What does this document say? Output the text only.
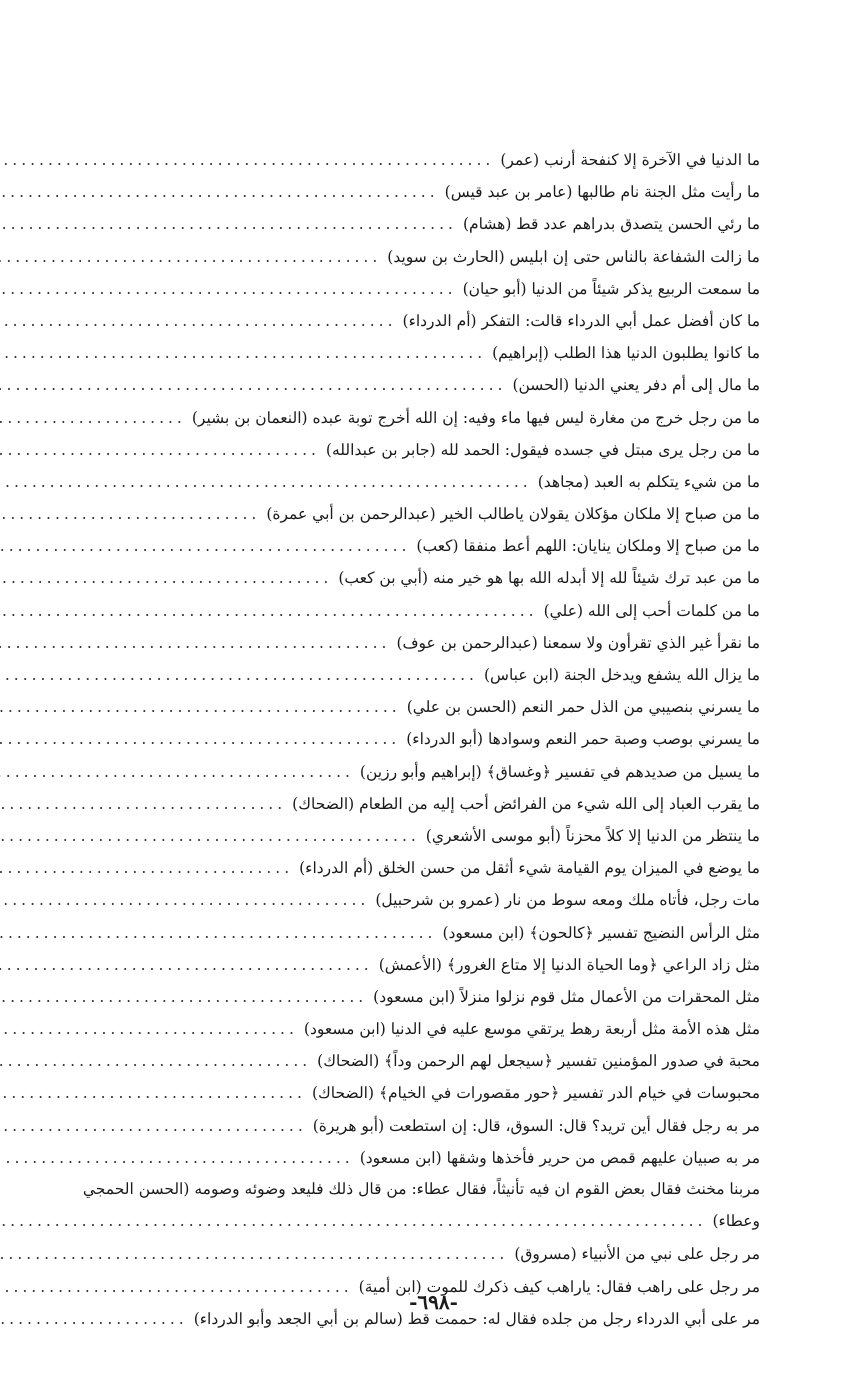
ما الدنيا في الآخرة إلا كنفحة أرنب (عمر)
.....
ما رأيت مثل الجنة نام طالبها (عامر بن عبد قيس)
.....
ما رئي الحسن يتصدق بدراهم عدد قط (هشام)
.....
ما زالت الشفاعة بالناس حتى إن ابليس (الحارث بن سويد)
.....
ما سمعت الربيع يذكر شيئاً من الدنيا (أبو حيان)
.....
ما كان أفضل عمل أبي الدرداء قالت: التفكر (أم الدرداء)
.....
ما كانوا يطلبون الدنيا هذا الطلب (إبراهيم)
.....
ما مال إلى أم دفر يعني الدنيا (الحسن)
.....
ما من رجل خرج من مغارة ليس فيها ماء وفيه: إن الله أخرج توبة عبده (النعمان بن بشير)
.....
ما من رجل يرى مبتل في جسده فيقول: الحمد لله (جابر بن عبدالله)
.....
ما من شيء يتكلم به العبد (مجاهد)
.....
ما من صباح إلا ملكان مؤكلان يقولان ياطالب الخير (عبدالرحمن بن أبي عمرة)
.....
ما من صباح إلا وملكان ينايان: اللهم أعط منفقا (كعب)
.....
ما من عبد ترك شيئاً لله إلا أبدله الله بها هو خير منه (أبي بن كعب)
.....
ما من كلمات أحب إلى الله (علي)
.....
ما نقرأ غير الذي تقرأون ولا سمعنا (عبدالرحمن بن عوف)
.....
ما يزال الله يشفع ويدخل الجنة (ابن عباس)
.....
ما يسرني بنصيبي من الذل حمر النعم (الحسن بن علي)
.....
ما يسرني بوصب وصبة حمر النعم وسوادها (أبو الدرداء)
.....
ما يسيل من صديدهم في تفسير ﴿وغساق﴾ (إبراهيم وأبو رزين)
.....
ما يقرب العباد إلى الله شيء من الفرائض أحب إليه من الطعام (الضحاك)
.....
ما ينتظر من الدنيا إلا كلاً محزناً (أبو موسى الأشعري)
.....
ما يوضع في الميزان يوم القيامة شيء أثقل من حسن الخلق (أم الدرداء)
.....
مات رجل، فأتاه ملك ومعه سوط من نار (عمرو بن شرحبيل)
.....
مثل الرأس النضيج تفسير ﴿كالحون﴾ (ابن مسعود)
.....
مثل زاد الراعي ﴿وما الحياة الدنيا إلا متاع الغرور﴾ (الأعمش)
.....
مثل المحقرات من الأعمال مثل قوم نزلوا منزلاً (ابن مسعود)
.....
مثل هذه الأمة مثل أربعة رهط يرتقي موسع عليه في الدنيا (ابن مسعود)
.....
محبة في صدور المؤمنين تفسير ﴿سيجعل لهم الرحمن وداً﴾ (الضحاك)
.....
محبوسات في خيام الدر تفسير ﴿حور مقصورات في الخيام﴾ (الضحاك)
.....
مر به رجل فقال أين تريد؟ قال: السوق، قال: إن استطعت (أبو هريرة)
.....
مر به صبيان عليهم قمص من حرير فأخذها وشقها (ابن مسعود)
.....
مربنا مخنث فقال بعض القوم ان فيه تأنيثاً، فقال عطاء: من قال ذلك فليعد وضوئه وصومه (الحسن الحمجي
وعطاء)
.....
مر رجل على نبي من الأنبياء (مسروق)
.....
مر رجل على راهب فقال: ياراهب كيف ذكرك للموت (ابن أمية)
.....
مر على أبي الدرداء رجل من جلده فقال له: حممت قط (سالم بن أبي الجعد وأبو الدرداء)
.....
-٦٩٨-
